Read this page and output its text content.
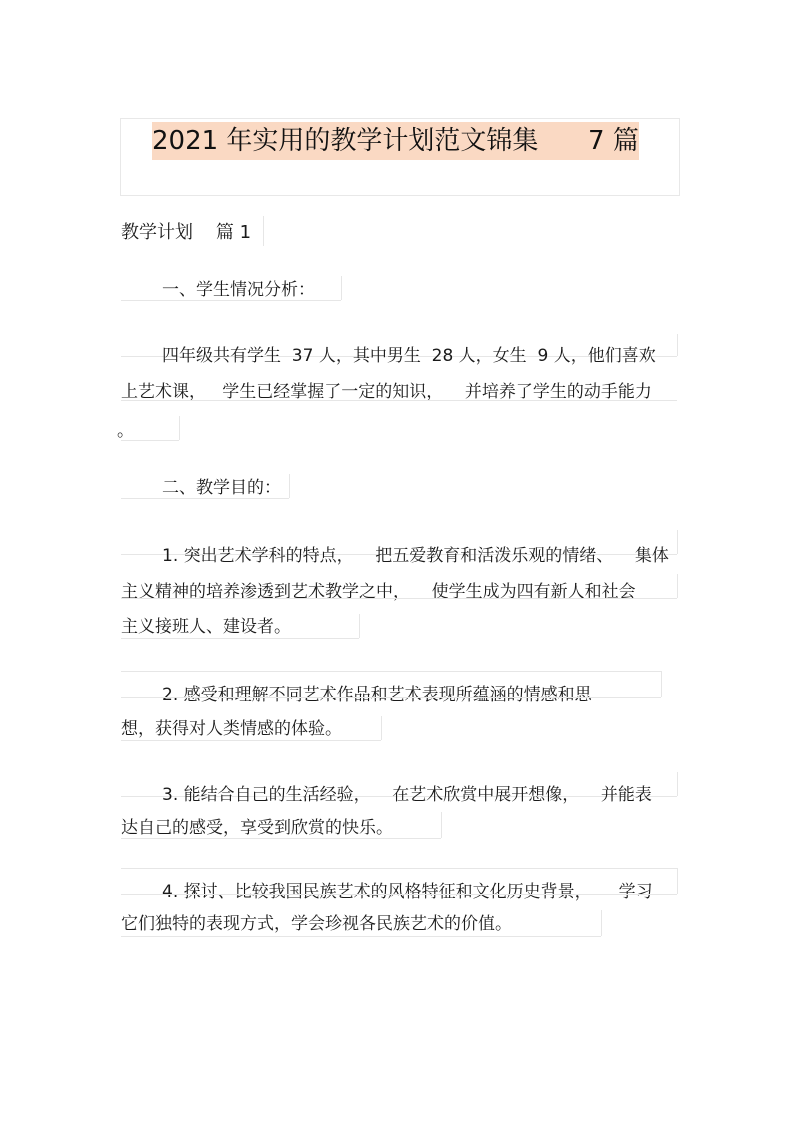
2021 年实用的教学计划范文锦集      7 篇
教学计划    篇 1
一、学生情况分析：
四年级共有学生  37 人，其中男生  28 人，女生  9 人，他们喜欢
上艺术课，   学生已经掌握了一定的知识，    并培养了学生的动手能力
。
二、教学目的：
1. 突出艺术学科的特点，    把五爱教育和活泼乐观的情绪、    集体
主义精神的培养渗透到艺术教学之中，    使学生成为四有新人和社会
主义接班人、建设者。
2. 感受和理解不同艺术作品和艺术表现所蕴涵的情感和思
想，获得对人类情感的体验。
3. 能结合自己的生活经验，    在艺术欣赏中展开想像，    并能表
达自己的感受，享受到欣赏的快乐。
4. 探讨、比较我国民族艺术的风格特征和文化历史背景，     学习
它们独特的表现方式，学会珍视各民族艺术的价值。
